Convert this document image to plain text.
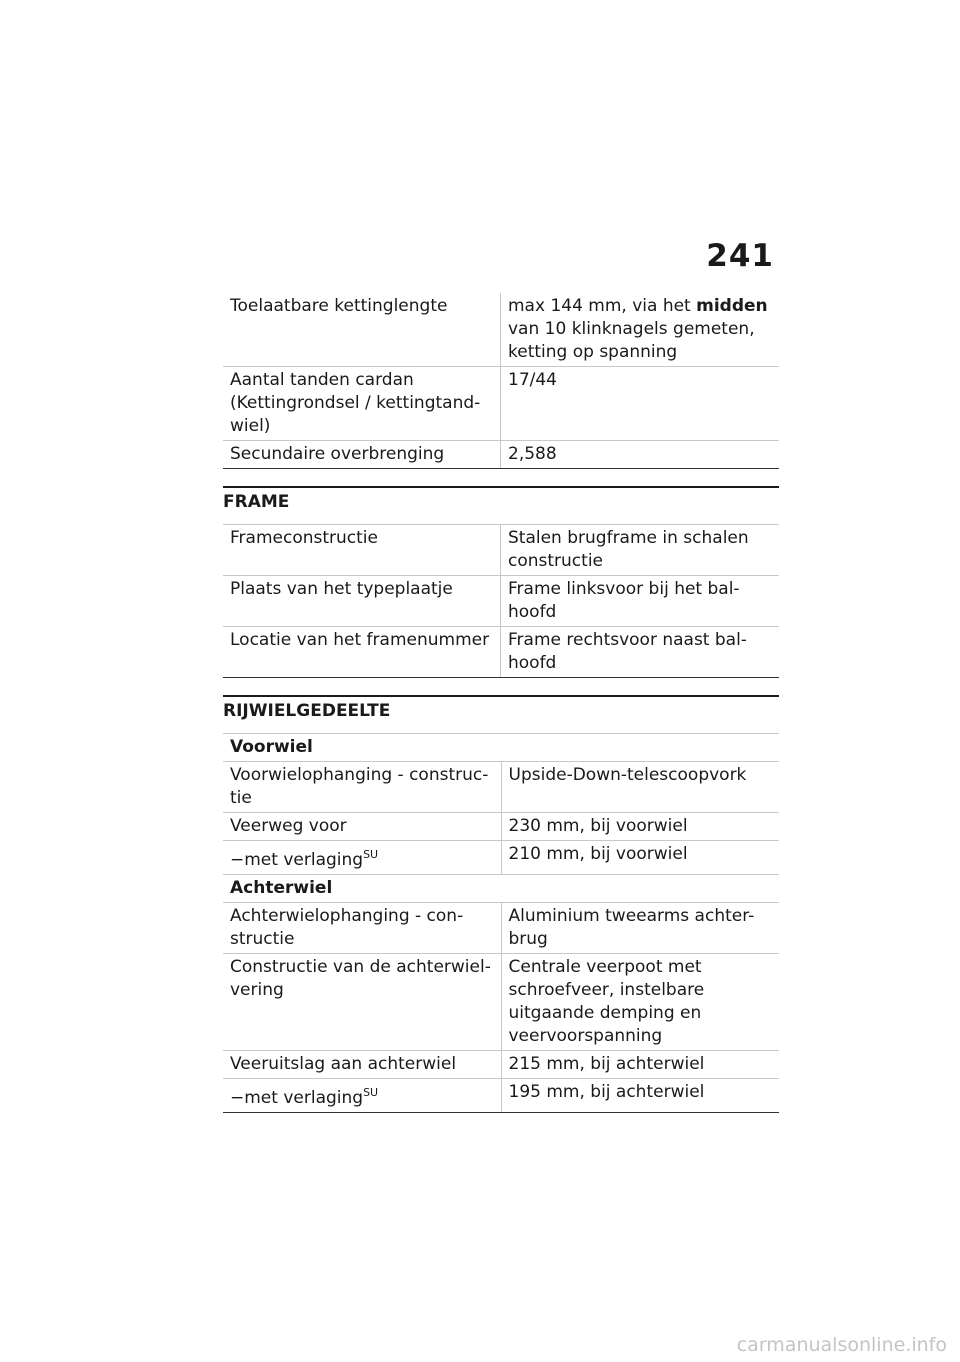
241
Toelaatbare kettinglengte	max 144 mm, via het midden van 10 klinknagels gemeten, ketting op spanning
Aantal tanden cardan (Kettingrondsel / kettingtand-wiel)	17/44
Secundaire overbrenging	2,588
FRAME
Frameconstructie	Stalen brugframe in schalen constructie
Plaats van het typeplaatje	Frame linksvoor bij het bal-hoofd
Locatie van het framenummer	Frame rechtsvoor naast bal-hoofd
RIJWIELGEDEELTE
Voorwiel	
Voorwielophanging - construc-tie	Upside-Down-telescoopvork
Veerweg voor	230 mm, bij voorwiel
−met verlaging$^{SU}$	210 mm, bij voorwiel
Achterwiel	
Achterwielophanging - con-structie	Aluminium tweearms achter-brug
Constructie van de achterwiel-vering	Centrale veerpoot met schroefveer, instelbare uitgaande demping en veervoorspanning
Veeruitslag aan achterwiel	215 mm, bij achterwiel
−met verlaging$^{SU}$	195 mm, bij achterwiel
carmanualsonline.info
